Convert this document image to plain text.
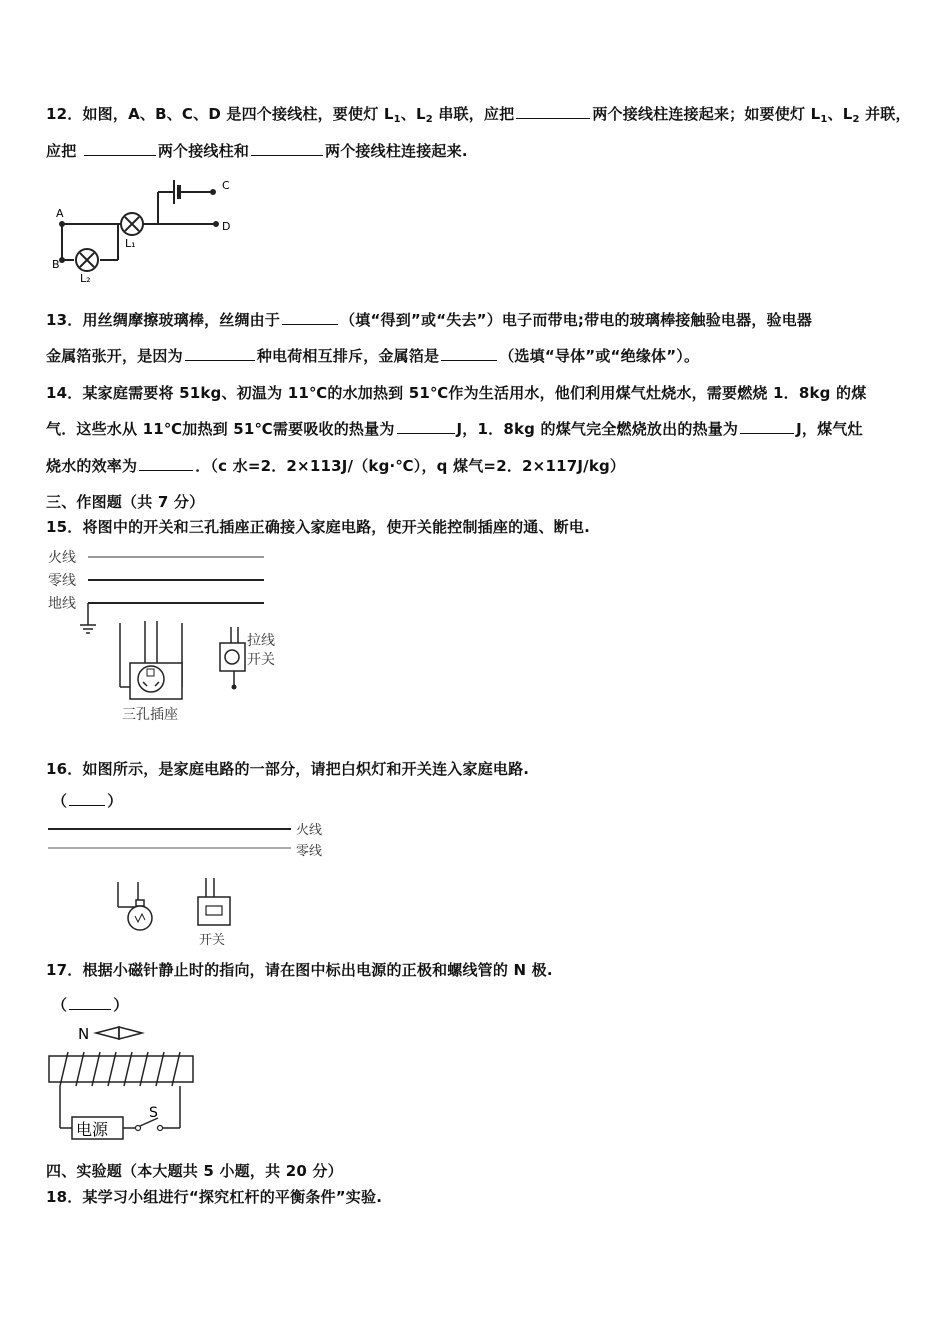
12．如图，A、B、C、D 是四个接线柱，要使灯 $L_1$、$L_2$ 串联，应把	两个接线柱连接起来；如要使灯 $L_1$、$L_2$ 并联，
应把	两个接线柱和	两个接线柱连接起来.
A
B
C
D
L₁
L₂
13．用丝绸摩擦玻璃棒，丝绸由于	（填“得到”或“失去”）电子而带电;带电的玻璃棒接触验电器，验电器
金属箔张开，是因为	种电荷相互排斥，金属箔是	（选填“导体”或“绝缘体”）。
14．某家庭需要将 51kg、初温为 11℃的水加热到 51℃作为生活用水，他们利用煤气灶烧水，需要燃烧 1．8kg 的煤
气．这些水从 11℃加热到 51℃需要吸收的热量为	J，1．8kg 的煤气完全燃烧放出的热量为	J，煤气灶
烧水的效率为	．（c 水=2．2×113J/（kg·℃），q 煤气=2．2×117J/kg）
三、作图题（共 7 分）
15．将图中的开关和三孔插座正确接入家庭电路，使开关能控制插座的通、断电.
火线
零线
地线
三孔插座
拉线
开关
16．如图所示，是家庭电路的一部分，请把白炽灯和开关连入家庭电路.
（	）
火线
零线
开关
17．根据小磁针静止时的指向，请在图中标出电源的正极和螺线管的 N 极.
（	）
N
电源
S
四、实验题（本大题共 5 小题，共 20 分）
18．某学习小组进行“探究杠杆的平衡条件”实验.
